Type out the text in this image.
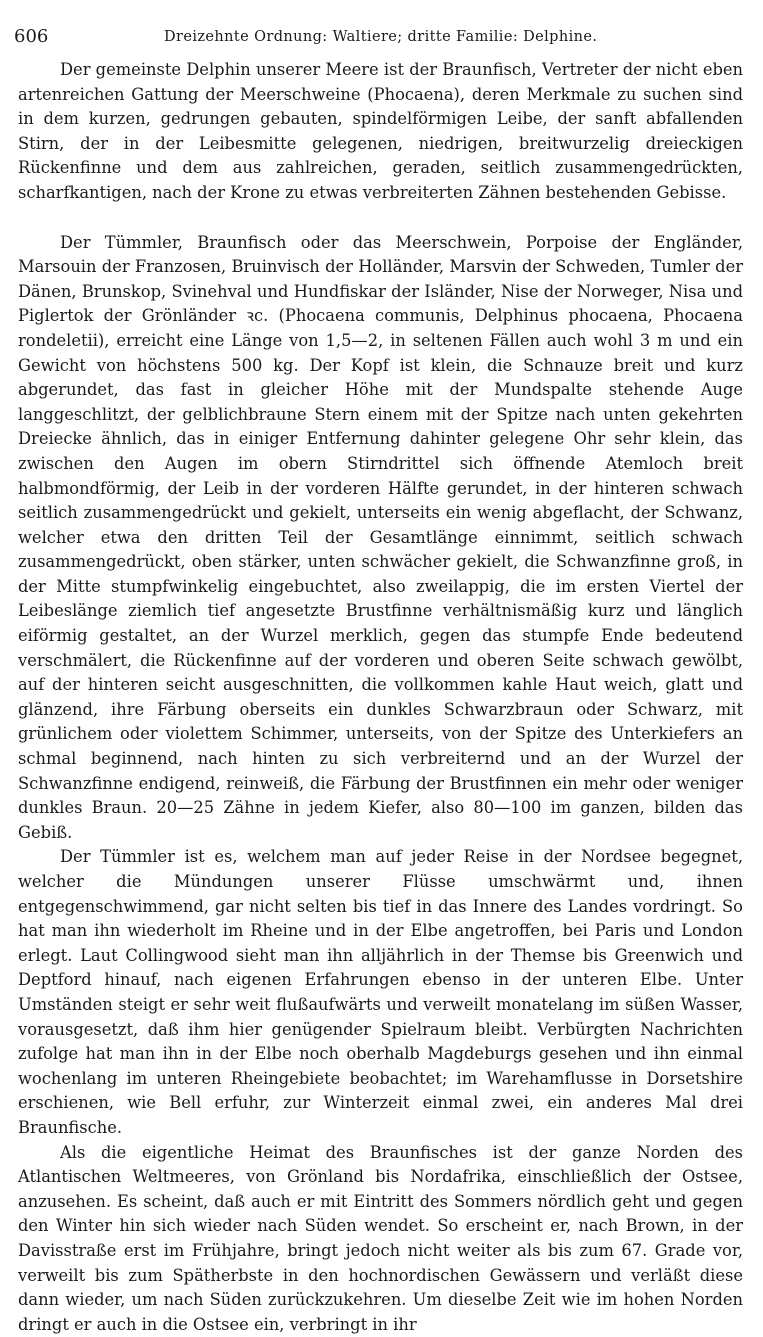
606	Dreizehnte Ordnung: Waltiere; dritte Familie: Delphine.

Der gemeinste Delphin unserer Meere ist der Braunfisch, Vertreter der nicht eben artenreichen Gattung der Meerschweine (Phocaena), deren Merkmale zu suchen sind in dem kurzen, gedrungen gebauten, spindelförmigen Leibe, der sanft abfallenden Stirn, der in der Leibesmitte gelegenen, niedrigen, breitwurzelig dreieckigen Rückenfinne und dem aus zahlreichen, geraden, seitlich zusammengedrückten, scharfkantigen, nach der Krone zu etwas verbreiterten Zähnen bestehenden Gebisse.

Der Tümmler, Braunfisch oder das Meerschwein, Porpoise der Engländer, Marsouin der Franzosen, Bruinvisch der Holländer, Marsvin der Schweden, Tumler der Dänen, Brunskop, Svinehval und Hundfiskar der Isländer, Nise der Norweger, Nisa und Piglertok der Grönländer ꝛc. (Phocaena communis, Delphinus phocaena, Phocaena rondeletii), erreicht eine Länge von 1,5—2, in seltenen Fällen auch wohl 3 m und ein Gewicht von höchstens 500 kg. Der Kopf ist klein, die Schnauze breit und kurz abgerundet, das fast in gleicher Höhe mit der Mundspalte stehende Auge langgeschlitzt, der gelblichbraune Stern einem mit der Spitze nach unten gekehrten Dreiecke ähnlich, das in einiger Entfernung dahinter gelegene Ohr sehr klein, das zwischen den Augen im obern Stirndrittel sich öffnende Atemloch breit halbmondförmig, der Leib in der vorderen Hälfte gerundet, in der hinteren schwach seitlich zusammengedrückt und gekielt, unterseits ein wenig abgeflacht, der Schwanz, welcher etwa den dritten Teil der Gesamtlänge einnimmt, seitlich schwach zusammengedrückt, oben stärker, unten schwächer gekielt, die Schwanzfinne groß, in der Mitte stumpfwinkelig eingebuchtet, also zweilappig, die im ersten Viertel der Leibeslänge ziemlich tief angesetzte Brustfinne verhältnismäßig kurz und länglich eiförmig gestaltet, an der Wurzel merklich, gegen das stumpfe Ende bedeutend verschmälert, die Rückenfinne auf der vorderen und oberen Seite schwach gewölbt, auf der hinteren seicht ausgeschnitten, die vollkommen kahle Haut weich, glatt und glänzend, ihre Färbung oberseits ein dunkles Schwarzbraun oder Schwarz, mit grünlichem oder violettem Schimmer, unterseits, von der Spitze des Unterkiefers an schmal beginnend, nach hinten zu sich verbreiternd und an der Wurzel der Schwanzfinne endigend, reinweiß, die Färbung der Brustfinnen ein mehr oder weniger dunkles Braun. 20—25 Zähne in jedem Kiefer, also 80—100 im ganzen, bilden das Gebiß.

Der Tümmler ist es, welchem man auf jeder Reise in der Nordsee begegnet, welcher die Mündungen unserer Flüsse umschwärmt und, ihnen entgegenschwimmend, gar nicht selten bis tief in das Innere des Landes vordringt. So hat man ihn wiederholt im Rheine und in der Elbe angetroffen, bei Paris und London erlegt. Laut Collingwood sieht man ihn alljährlich in der Themse bis Greenwich und Deptford hinauf, nach eigenen Erfahrungen ebenso in der unteren Elbe. Unter Umständen steigt er sehr weit flußaufwärts und verweilt monatelang im süßen Wasser, vorausgesetzt, daß ihm hier genügender Spielraum bleibt. Verbürgten Nachrichten zufolge hat man ihn in der Elbe noch oberhalb Magdeburgs gesehen und ihn einmal wochenlang im unteren Rheingebiete beobachtet; im Warehamflusse in Dorsetshire erschienen, wie Bell erfuhr, zur Winterzeit einmal zwei, ein anderes Mal drei Braunfische.

Als die eigentliche Heimat des Braunfisches ist der ganze Norden des Atlantischen Weltmeeres, von Grönland bis Nordafrika, einschließlich der Ostsee, anzusehen. Es scheint, daß auch er mit Eintritt des Sommers nördlich geht und gegen den Winter hin sich wieder nach Süden wendet. So erscheint er, nach Brown, in der Davisstraße erst im Frühjahre, bringt jedoch nicht weiter als bis zum 67. Grade vor, verweilt bis zum Spätherbste in den hochnordischen Gewässern und verläßt diese dann wieder, um nach Süden zurückzukehren. Um dieselbe Zeit wie im hohen Norden dringt er auch in die Ostsee ein, verbringt in ihr
